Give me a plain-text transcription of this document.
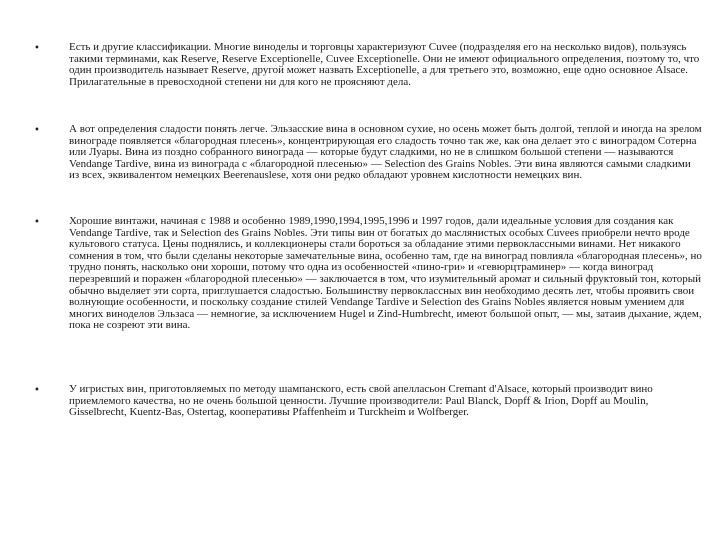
•	Есть и другие классификации. Многие виноделы и торговцы характеризуют Cuvee (подразделяя его на несколько видов), пользуясь такими терминами, как Reserve, Reserve Exceptionelle, Cuvee Exceptionelle. Они не имеют официального определения, поэтому то, что один производитель называет Reserve, другой может назвать Exceptionelle, а для третьего это, возможно, еще одно основное Alsace. Прилагательные в превосходной степени ни для кого не проясняют дела.

•	А вот определения сладости понять легче. Эльзасские вина в основном сухие, но осень может быть долгой, теплой и иногда на зрелом винограде появляется «благородная плесень», концентрирующая его сладость точно так же, как она делает это с виноградом Сотерна или Луары. Вина из поздно собранного винограда — которые будут сладкими, но не в слишком большой степени — называются Vendange Tardive, вина из винограда с «благородной плесенью» — Selection des Grains Nobles. Эти вина являются самыми сладкими из всех, эквивалентом немецких Beerenauslese, хотя они редко обладают уровнем кислотности немецких вин.

•	Хорошие винтажи, начиная с 1988 и особенно 1989,1990,1994,1995,1996 и 1997 годов, дали идеальные условия для создания как Vendange Tardive, так и Selection des Grains Nobles. Эти типы вин от богатых до маслянистых особых Cuvees приобрели нечто вроде культового статуса. Цены поднялись, и коллекционеры стали бороться за обладание этими первоклассными винами. Нет никакого сомнения в том, что были сделаны некоторые замечательные вина, особенно там, где на виноград повлияла «благородная плесень», но трудно понять, насколько они хороши, потому что одна из особенностей «пино-гри» и «гевюрцтраминер» — когда виноград перезревший и поражен «благородной плесенью» — заключается в том, что изумительный аромат и сильный фруктовый тон, который обычно выделяет эти сорта, приглушается сладостью. Большинству первоклассных вин необходимо десять лет, чтобы проявить свои волнующие особенности, и поскольку создание стилей Vendange Tardive и Selection des Grains Nobles является новым умением для многих виноделов Эльзаса — немногие, за исключением Hugel и Zind-Humbrecht, имеют большой опыт, — мы, затаив дыхание, ждем, пока не созреют эти вина.

•	У игристых вин, приготовляемых по методу шампанского, есть свой апелласьон Cremant d'Alsace, который производит вино приемлемого качества, но не очень большой ценности. Лучшие производители: Paul Blanck, Dopff & Irion, Dopff au Moulin, Gisselbrecht, Kuentz-Bas, Ostertag, кооперативы Pfaffenheim и Turckheim и Wolfberger.
